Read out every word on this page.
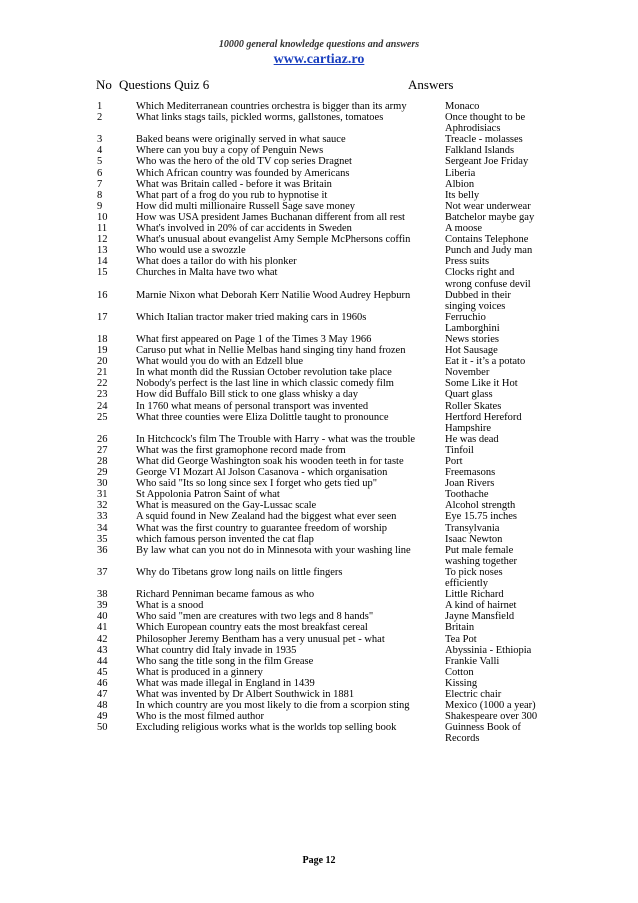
10000 general knowledge questions and answers
www.cartiaz.ro
No Questions Quiz 6	Answers
1	Which Mediterranean countries orchestra is bigger than its army	Monaco
2	What links stags tails, pickled worms, gallstones, tomatoes	Once thought to be
Aphrodisiacs
3	Baked beans were originally served in what sauce	Treacle - molasses
4	Where can you buy a copy of Penguin News	Falkland Islands
5	Who was the hero of the old TV cop series Dragnet	Sergeant Joe Friday
6	Which African country was founded by Americans	Liberia
7	What was Britain called - before it was Britain	Albion
8	What part of a frog do you rub to hypnotise it	Its belly
9	How did multi millionaire Russell Sage save money	Not wear underwear
10	How was USA president James Buchanan different from all rest	Batchelor maybe gay
11	What's involved in 20% of car accidents in Sweden	A moose
12	What's unusual about evangelist Amy Semple McPhersons coffin	Contains Telephone
13	Who would use a swozzle	Punch and Judy man
14	What does a tailor do with his plonker	Press suits
15	Churches in Malta have two what	Clocks right and
wrong confuse devil
16	Marnie Nixon what Deborah Kerr Natilie Wood Audrey Hepburn	Dubbed in their
singing voices
17	Which Italian tractor maker tried making cars in 1960s	Ferruchio
Lamborghini
18	What first appeared on Page 1 of the Times 3 May 1966	News stories
19	Caruso put what in Nellie Melbas hand singing tiny hand frozen	Hot Sausage
20	What would you do with an Edzell blue	Eat it - it’s a potato
21	In what month did the Russian October revolution take place	November
22	Nobody's perfect is the last line in which classic comedy film	Some Like it Hot
23	How did Buffalo Bill stick to one glass whisky a day	Quart glass
24	In 1760 what means of personal transport was invented	Roller Skates
25	What three counties were Eliza Dolittle taught to pronounce	Hertford Hereford
Hampshire
26	In Hitchcock's film The Trouble with Harry - what was the trouble	He was dead
27	What was the first gramophone record made from	Tinfoil
28	What did George Washington soak his wooden teeth in for taste	Port
29	George VI Mozart Al Jolson Casanova - which organisation	Freemasons
30	Who said "Its so long since sex I forget who gets tied up"	Joan Rivers
31	St Appolonia Patron Saint of what	Toothache
32	What is measured on the Gay-Lussac scale	Alcohol strength
33	A squid found in New Zealand had the biggest what ever seen	Eye 15.75 inches
34	What was the first country to guarantee freedom of worship	Transylvania
35	which famous person invented the cat flap	Isaac Newton
36	By law what can you not do in Minnesota with your washing line	Put male female
washing together
37	Why do Tibetans grow long nails on little fingers	To pick noses
efficiently
38	Richard Penniman became famous as who	Little Richard
39	What is a snood	A kind of hairnet
40	Who said "men are creatures with two legs and 8 hands"	Jayne Mansfield
41	Which European country eats the most breakfast cereal	Britain
42	Philosopher Jeremy Bentham has a very unusual pet - what	Tea Pot
43	What country did Italy invade in 1935	Abyssinia - Ethiopia
44	Who sang the title song in the film Grease	Frankie Valli
45	What is produced in a ginnery	Cotton
46	What was made illegal in England in 1439	Kissing
47	What was invented by Dr Albert Southwick in 1881	Electric chair
48	In which country are you most likely to die from a scorpion sting	Mexico (1000 a year)
49	Who is the most filmed author	Shakespeare over 300
50	Excluding religious works what is the worlds top selling book	Guinness Book of
Records
Page 12
